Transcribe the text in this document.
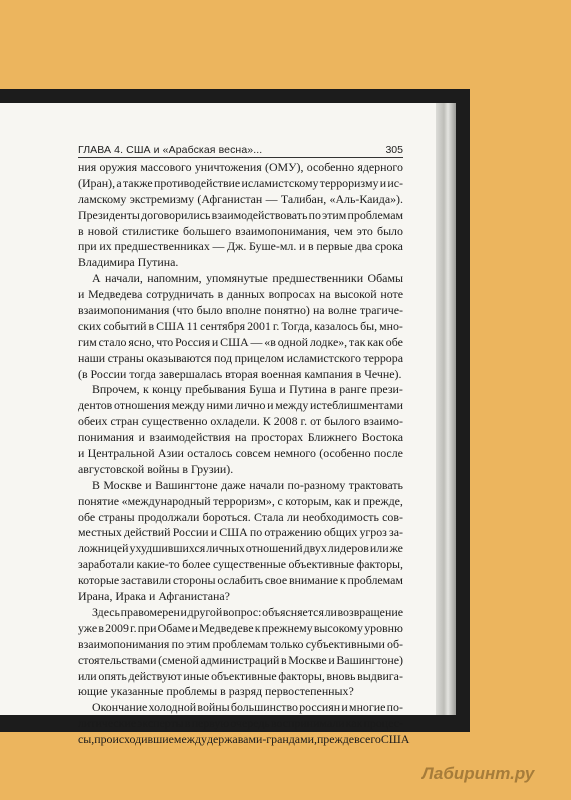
ГЛАВА 4. США и «Арабская весна»...	305
ния оружия массового уничтожения (ОМУ), особенно ядерного
(Иран), а также противодействие исламистскому терроризму и ис-
ламскому экстремизму (Афганистан — Талибан, «Аль-Каида»).
Президенты договорились взаимодействовать по этим проблемам
в новой стилистике большего взаимопонимания, чем это было
при их предшественниках — Дж. Буше-мл. и в первые два срока
Владимира Путина.
А начали, напомним, упомянутые предшественники Обамы
и Медведева сотрудничать в данных вопросах на высокой ноте
взаимопонимания (что было вполне понятно) на волне трагиче-
ских событий в США 11 сентября 2001 г. Тогда, казалось бы, мно-
гим стало ясно, что Россия и США — «в одной лодке», так как обе
наши страны оказываются под прицелом исламистского террора
(в России тогда завершалась вторая военная кампания в Чечне).
Впрочем, к концу пребывания Буша и Путина в ранге прези-
дентов отношения между ними лично и между истеблишментами
обеих стран существенно охладели. К 2008 г. от былого взаимо-
понимания и взаимодействия на просторах Ближнего Востока
и Центральной Азии осталось совсем немного (особенно после
августовской войны в Грузии).
В Москве и Вашингтоне даже начали по-разному трактовать
понятие «международный терроризм», с которым, как и прежде,
обе страны продолжали бороться. Стала ли необходимость сов-
местных действий России и США по отражению общих угроз за-
ложницей ухудшившихся личных отношений двух лидеров или же
заработали какие-то более существенные объективные факторы,
которые заставили стороны ослабить свое внимание к проблемам
Ирана, Ирака и Афганистана?
Здесь правомерен и другой вопрос: объясняется ли возвращение
уже в 2009 г. при Обаме и Медведеве к прежнему высокому уровню
взаимопонимания по этим проблемам только субъективными об-
стоятельствами (сменой администраций в Москве и Вашингтоне)
или опять действуют иные объективные факторы, вновь выдвига-
ющие указанные проблемы в разряд первостепенных?
Окончание холодной войны большинство россиян и многие по-
литические эксперты в первую очередь воспринимали как процес-
сы, происходившие между державами-грандами, прежде всего США
Лабиринт.ру
